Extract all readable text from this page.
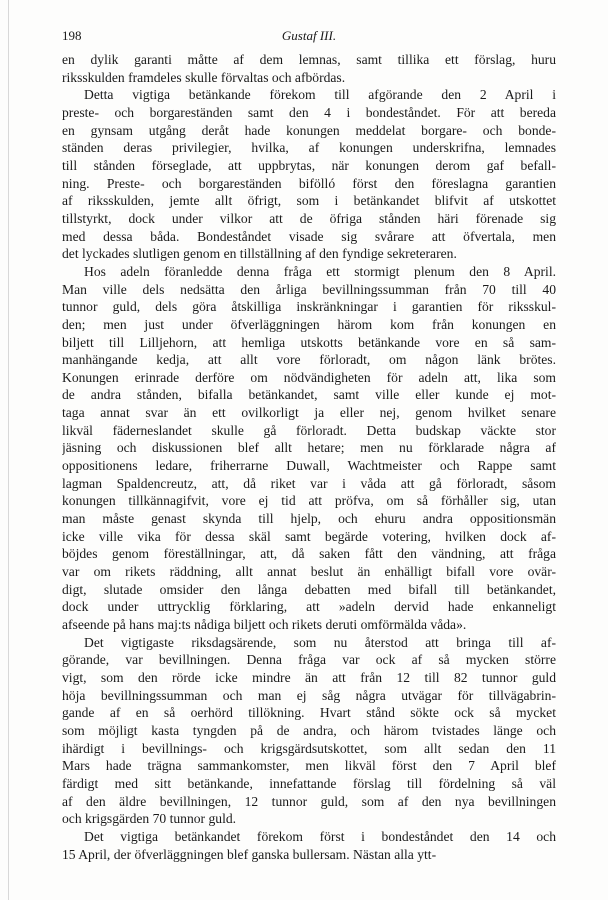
198	Gustaf III.
en dylik garanti måtte af dem lemnas, samt tillika ett förslag, huru
riksskulden framdeles skulle förvaltas och afbördas.
Detta vigtiga betänkande förekom till afgörande den 2 April i
preste- och borgareständen samt den 4 i bondeståndet. För att bereda
en gynsam utgång deråt hade konungen meddelat borgare- och bonde-
ständen deras privilegier, hvilka, af konungen underskrifna, lemnades
till stånden förseglade, att uppbrytas, när konungen derom gaf befall-
ning. Preste- och borgareständen bifölló först den föreslagna garantien
af riksskulden, jemte allt öfrigt, som i betänkandet blifvit af utskottet
tillstyrkt, dock under vilkor att de öfriga stånden häri förenade sig
med dessa båda. Bondeståndet visade sig svårare att öfvertala, men
det lyckades slutligen genom en tillställning af den fyndige sekreteraren.
Hos adeln föranledde denna fråga ett stormigt plenum den 8 April.
Man ville dels nedsätta den årliga bevillningssumman från 70 till 40
tunnor guld, dels göra åtskilliga inskränkningar i garantien för riksskul-
den; men just under öfverläggningen härom kom från konungen en
biljett till Lilljehorn, att hemliga utskotts betänkande vore en så sam-
manhängande kedja, att allt vore förloradt, om någon länk brötes.
Konungen erinrade derföre om nödvändigheten för adeln att, lika som
de andra stånden, bifalla betänkandet, samt ville eller kunde ej mot-
taga annat svar än ett ovilkorligt ja eller nej, genom hvilket senare
likväl fäderneslandet skulle gå förloradt. Detta budskap väckte stor
jäsning och diskussionen blef allt hetare; men nu förklarade några af
oppositionens ledare, friherrarne Duwall, Wachtmeister och Rappe samt
lagman Spaldencreutz, att, då riket var i våda att gå förloradt, såsom
konungen tillkännagifvit, vore ej tid att pröfva, om så förhåller sig, utan
man måste genast skynda till hjelp, och ehuru andra oppositionsmän
icke ville vika för dessa skäl samt begärde votering, hvilken dock af-
böjdes genom föreställningar, att, då saken fått den vändning, att fråga
var om rikets räddning, allt annat beslut än enhälligt bifall vore ovär-
digt, slutade omsider den långa debatten med bifall till betänkandet,
dock under uttrycklig förklaring, att »adeln dervid hade enkanneligt
afseende på hans maj:ts nådiga biljett och rikets deruti omförmälda våda».
Det vigtigaste riksdagsärende, som nu återstod att bringa till af-
görande, var bevillningen. Denna fråga var ock af så mycken större
vigt, som den rörde icke mindre än att från 12 till 82 tunnor guld
höja bevillningssumman och man ej såg några utvägar för tillvägabrin-
gande af en så oerhörd tillökning. Hvart stånd sökte ock så mycket
som möjligt kasta tyngden på de andra, och härom tvistades länge och
ihärdigt i bevillnings- och krigsgärdsutskottet, som allt sedan den 11
Mars hade trägna sammankomster, men likväl först den 7 April blef
färdigt med sitt betänkande, innefattande förslag till fördelning så väl
af den äldre bevillningen, 12 tunnor guld, som af den nya bevillningen
och krigsgärden 70 tunnor guld.
Det vigtiga betänkandet förekom först i bondeståndet den 14 och
15 April, der öfverläggningen blef ganska bullersam. Nästan alla ytt-
